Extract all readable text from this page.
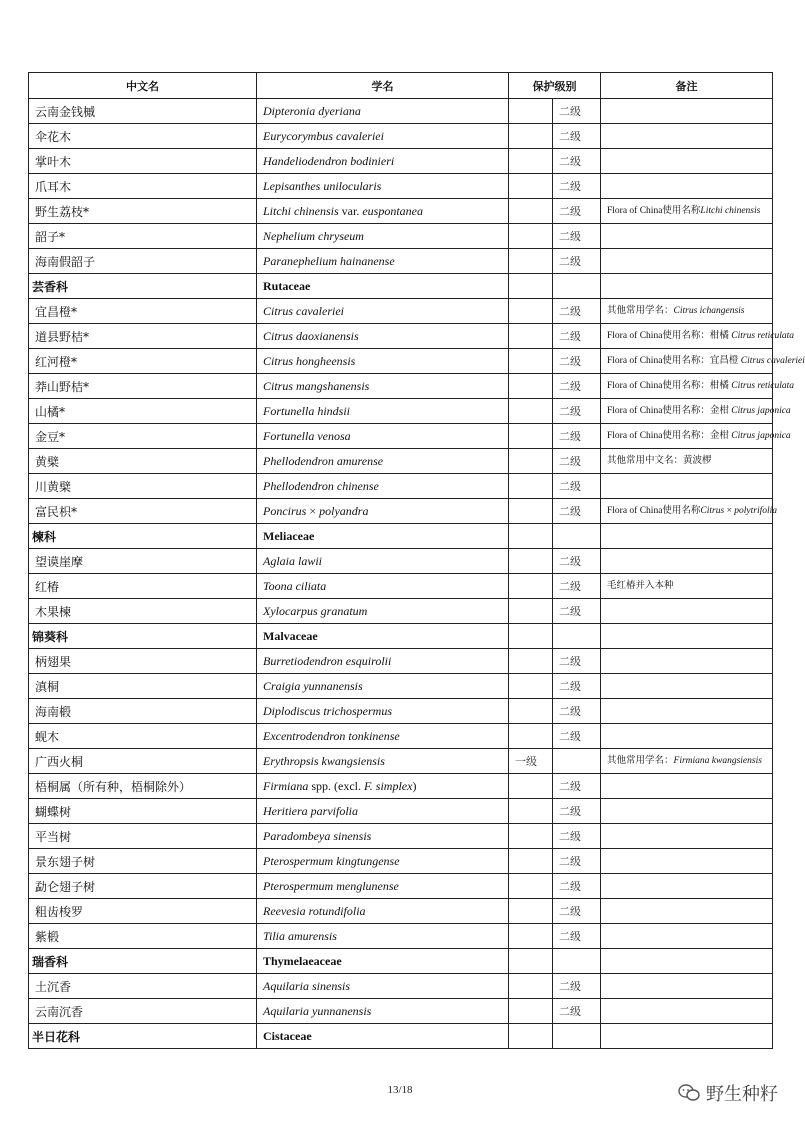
中文名	学名	保护级别		备注
云南金钱槭	Dipteronia dyeriana		二级	
伞花木	Eurycorymbus cavaleriei		二级	
掌叶木	Handeliodendron bodinieri		二级	
爪耳木	Lepisanthes unilocularis		二级	
野生荔枝*	Litchi chinensis var. euspontanea		二级	Flora of China使用名称Litchi chinensis
韶子*	Nephelium chryseum		二级	
海南假韶子	Paranephelium hainanense		二级	
芸香科	Rutaceae			
宜昌橙*	Citrus cavaleriei		二级	其他常用学名：Citrus ichangensis
道县野桔*	Citrus daoxianensis		二级	Flora of China使用名称：柑橘 Citrus reticulata
红河橙*	Citrus hongheensis		二级	Flora of China使用名称：宜昌橙 Citrus cavaleriei
莽山野桔*	Citrus mangshanensis		二级	Flora of China使用名称：柑橘 Citrus reticulata
山橘*	Fortunella hindsii		二级	Flora of China使用名称：金柑 Citrus japonica
金豆*	Fortunella venosa		二级	Flora of China使用名称：金柑 Citrus japonica
黄檗	Phellodendron amurense		二级	其他常用中文名：黄波椤
川黄檗	Phellodendron chinense		二级	
富民枳*	Poncirus × polyandra		二级	Flora of China使用名称Citrus × polytrifolia
楝科	Meliaceae			
望谟崖摩	Aglaia lawii		二级	
红椿	Toona ciliata		二级	毛红椿并入本种
木果楝	Xylocarpus granatum		二级	
锦葵科	Malvaceae			
柄翅果	Burretiodendron esquirolii		二级	
滇桐	Craigia yunnanensis		二级	
海南椴	Diplodiscus trichospermus		二级	
蚬木	Excentrodendron tonkinense		二级	
广西火桐	Erythropsis kwangsiensis	一级		其他常用学名：Firmiana kwangsiensis
梧桐属（所有种，梧桐除外）	Firmiana spp. (excl. F. simplex)		二级	
蝴蝶树	Heritiera parvifolia		二级	
平当树	Paradombeya sinensis		二级	
景东翅子树	Pterospermum kingtungense		二级	
勐仑翅子树	Pterospermum menglunense		二级	
粗齿梭罗	Reevesia rotundifolia		二级	
紫椴	Tilia amurensis		二级	
瑞香科	Thymelaeaceae			
土沉香	Aquilaria sinensis		二级	
云南沉香	Aquilaria yunnanensis		二级	
半日花科	Cistaceae			
13/18	野生种籽
